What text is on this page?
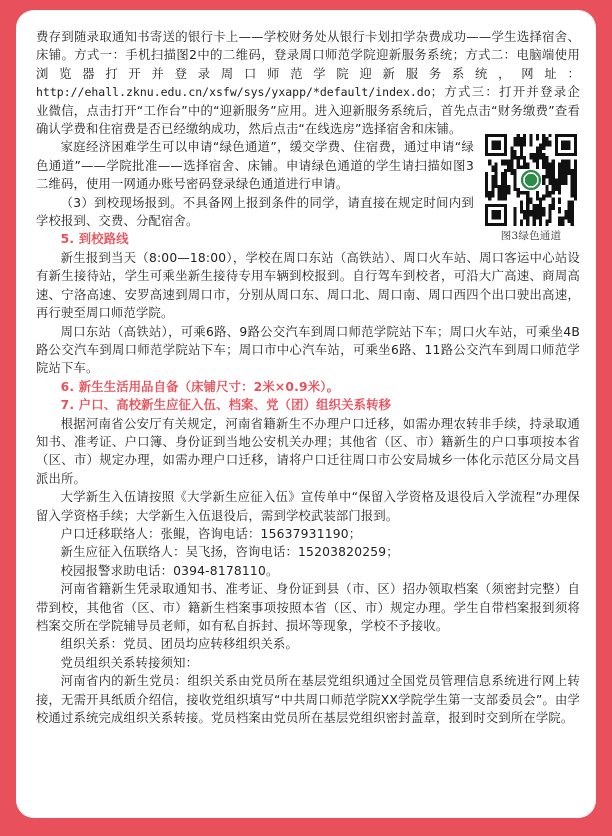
费存到随录取通知书寄送的银行卡上——学校财务处从银行卡划扣学杂费成功——学生选择宿舍、床铺。方式一：手机扫描图2中的二维码，登录周口师范学院迎新服务系统；方式二：电脑端使用浏览器打开并登录周口师范学院迎新服务系统，网址：http://ehall.zknu.edu.cn/xsfw/sys/yxapp/*default/index.do；方式三：打开并登录企业微信，点击打开“工作台”中的“迎新服务”应用。进入迎新服务系统后，首先点击“财务缴费”查看确认学费和住宿费是否已经缴纳成功，然后点击“在线选房”选择宿舍和床铺。

图3绿色通道

家庭经济困难学生可以申请“绿色通道”，缓交学费、住宿费，通过申请“绿色通道”——学院批准——选择宿舍、床铺。申请绿色通道的学生请扫描如图3二维码，使用一网通办账号密码登录绿色通道进行申请。

（3）到校现场报到。不具备网上报到条件的同学，请直接在规定时间内到学校报到、交费、分配宿舍。

5. 到校路线

新生报到当天（8:00—18:00），学校在周口东站（高铁站）、周口火车站、周口客运中心站设有新生接待站，学生可乘坐新生接待专用车辆到校报到。自行驾车到校者，可沿大广高速、商周高速、宁洛高速、安罗高速到周口市，分别从周口东、周口北、周口南、周口西四个出口驶出高速，再行驶至周口师范学院。

周口东站（高铁站），可乘6路、9路公交汽车到周口师范学院站下车；周口火车站，可乘坐4B路公交汽车到周口师范学院站下车；周口市中心汽车站，可乘坐6路、11路公交汽车到周口师范学院站下车。

6. 新生生活用品自备（床铺尺寸：2米×0.9米）。

7. 户口、高校新生应征入伍、档案、党（团）组织关系转移

根据河南省公安厅有关规定，河南省籍新生不办理户口迁移，如需办理农转非手续，持录取通知书、准考证、户口簿、身份证到当地公安机关办理；其他省（区、市）籍新生的户口事项按本省（区、市）规定办理，如需办理户口迁移，请将户口迁往周口市公安局城乡一体化示范区分局文昌派出所。

大学新生入伍请按照《大学新生应征入伍》宣传单中“保留入学资格及退役后入学流程”办理保留入学资格手续；大学新生入伍退役后，需到学校武装部门报到。

户口迁移联络人：张鲲，咨询电话：15637931190；

新生应征入伍联络人：吴飞扬，咨询电话：15203820259；

校园报警求助电话：0394-8178110。

河南省籍新生凭录取通知书、准考证、身份证到县（市、区）招办领取档案（须密封完整）自带到校，其他省（区、市）籍新生档案事项按照本省（区、市）规定办理。学生自带档案报到须将档案交所在学院辅导员老师，如有私自拆封、损坏等现象，学校不予接收。

组织关系：党员、团员均应转移组织关系。

党员组织关系转接须知：

河南省内的新生党员：组织关系由党员所在基层党组织通过全国党员管理信息系统进行网上转接，无需开具纸质介绍信，接收党组织填写“中共周口师范学院XX学院学生第一支部委员会”。由学校通过系统完成组织关系转接。党员档案由党员所在基层党组织密封盖章，报到时交到所在学院。
